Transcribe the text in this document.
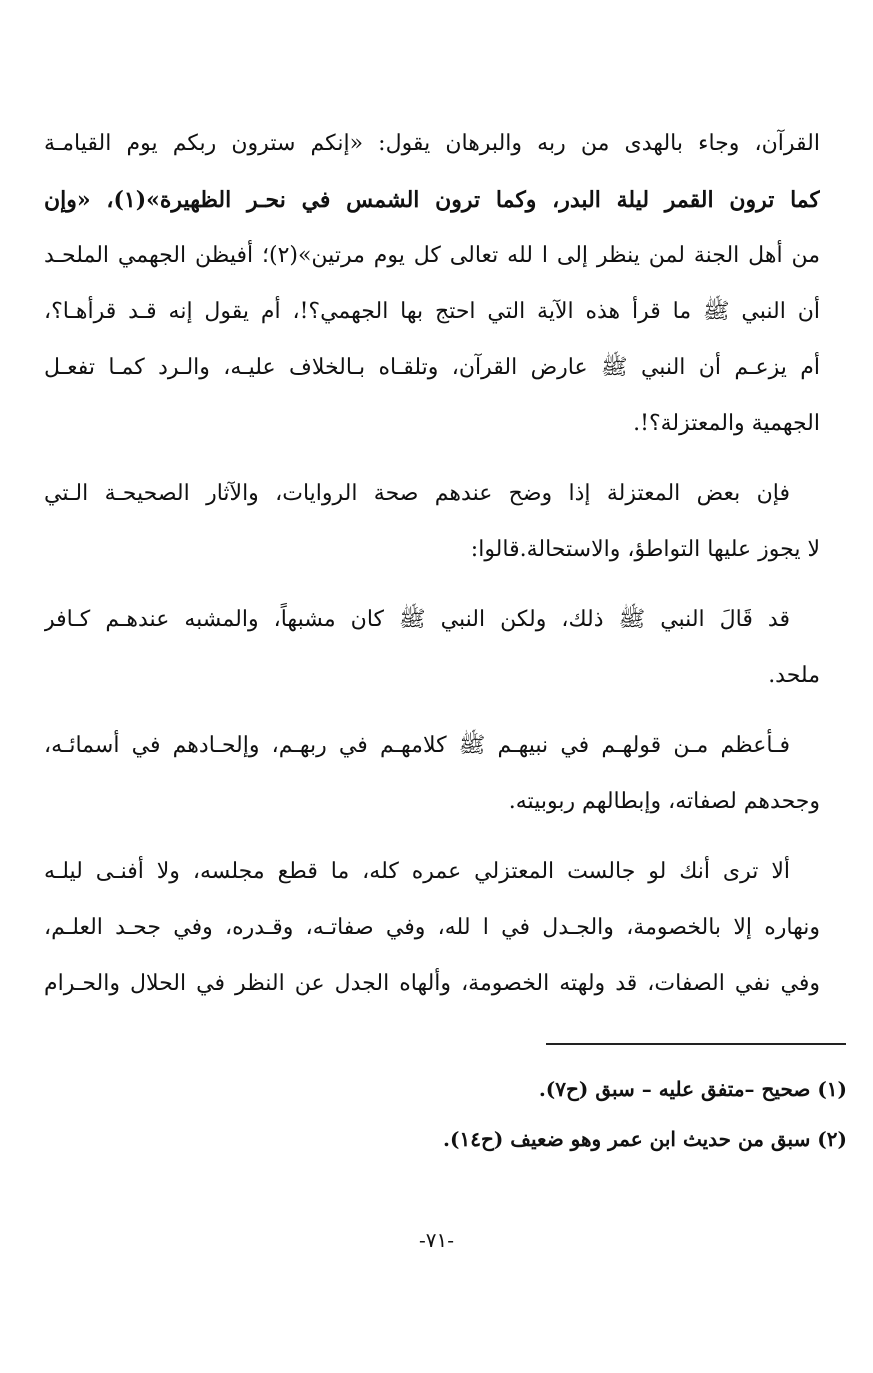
القرآن، وجاء بالهدى من ربه والبرهان يقول: «إنكم سترون ربكم يوم القيامـة
كما ترون القمر ليلة البدر، وكما ترون الشمس في نحـر الظهيرة»(١)، «وإن
من أهل الجنة لمن ينظر إلى ا لله تعالى كل يوم مرتين»(٢)؛ أفيظن الجهمي الملحـد
أن النبي ﷺ ما قرأ هذه الآية التي احتج بها الجهمي؟!، أم يقول إنه قـد قرأهـا؟،
أم يزعـم أن النبي ﷺ عارض القرآن، وتلقـاه بـالخلاف عليـه، والـرد كمـا تفعـل
الجهمية والمعتزلة؟!.
فإن بعض المعتزلة إذا وضح عندهم صحة الروايات، والآثار الصحيحـة الـتي
لا يجوز عليها التواطؤ، والاستحالة.قالوا:
قد قَالَ النبي ﷺ ذلك، ولكن النبي ﷺ كان مشبهاً، والمشبه عندهـم كـافر
ملحد.
فـأعظم مـن قولهـم في نبيهـم ﷺ كلامهـم في ربهـم، وإلحـادهم في أسمائـه،
وجحدهم لصفاته، وإبطالهم ربوبيته.
ألا ترى أنك لو جالست المعتزلي عمره كله، ما قطع مجلسه، ولا أفنـى ليلـه
ونهاره إلا بالخصومة، والجـدل في ا لله، وفي صفاتـه، وقـدره، وفي جحـد العلـم،
وفي نفي الصفات، قد ولهته الخصومة، وألهاه الجدل عن النظر في الحلال والحـرام
(١) صحيح –متفق عليه – سبق (ح٧).
(٢) سبق من حديث ابن عمر وهو ضعيف (ح١٤).
-٧١-
